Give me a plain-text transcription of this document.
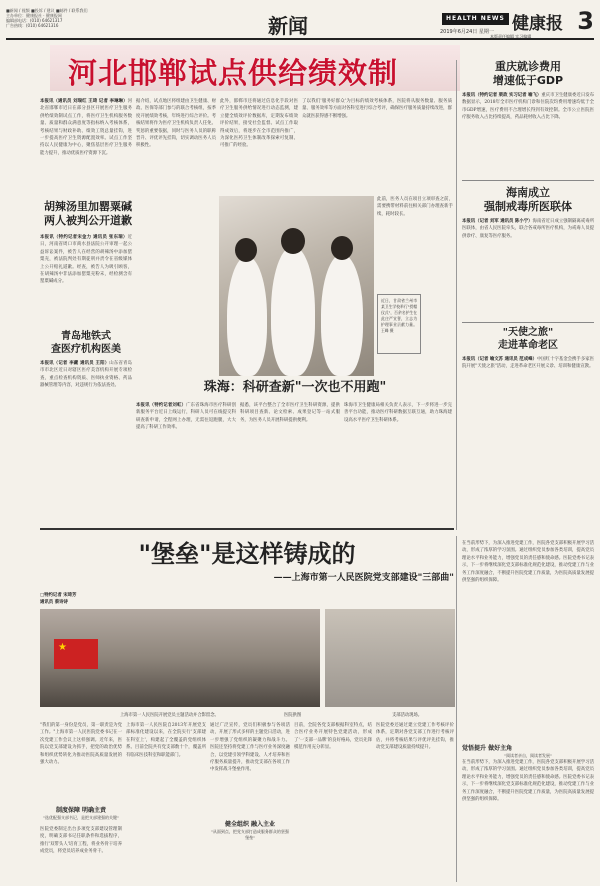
■新闻 / 视频 ■投诉 / 建议 ■邮件 / 联系我们
主办单位：健康报社 · 健康报网
编辑部电话：(010) 64621317
广告热线：(010) 64621316	新闻	HEALTH NEWS 健康报 3
2019年6月24日 星期一
本版责任编辑 实习编辑
河北邯郸试点供给绩效制	重庆就诊费用
增速低于GDP
本报讯（特约记者 栗政 实习记者 喻飞）重庆市卫生健康委近日发布数据显示，2018年全市医疗机构门诊和住院次均费用增速均低于全市GDP增速，医疗费用不合理增长得到有效控制。全市公立医院医疗服务收入占比持续提高，药品耗材收入占比下降。
海南成立
强制戒毒所医联体
本报讯（记者 刘军 通讯员 陈小宁）海南省近日成立强制隔离戒毒所医联体，由省人民医院牵头，联合各戒毒所医疗机构，为戒毒人员提供诊疗、康复等医疗服务。
"天使之旅"
走进革命老区
本报讯（记者 喻文苏 通讯员 范成峰）中国红十字基金会携手多家医院开展"天使之旅"活动，走进革命老区开展义诊、培训和健康宣教。
胡辣汤里加罂粟碱
两人被判公开道歉
本报讯（特约记者宋金力 通讯员 张东瑞）近日，河南省周口市商水县法院公开审理一起公益诉讼案件，被告人在经营的胡辣汤中添加罂粟壳，被法院判处有期徒刑并责令在省级媒体上公开赔礼道歉。经查，被告人为吸引顾客，在胡辣汤中非法添加罂粟壳粉末，经检测含有罂粟碱成分。
青岛地铁式
查医疗机构医美
本报讯（记者 李藏 通讯员 王阳）山东省青岛市市北区近日对辖区医疗美容机构开展专项检查，重点检查机构资质、医师执业资格、药品器械管理等内容，对违规行为依法查处。
本报讯（通讯员 刘瑞红 王琦 记者 李琳琳）河北省邯郸市近日在部分县区开展医疗卫生服务供给绩效制试点工作，将医疗卫生机构服务数量、质量和群众满意度等指标纳入考核体系，考核结果与财政补助、绩效工资总量挂钩，进一步提高医疗卫生资源配置效率。试点工作坚持以人民健康为中心，聚焦基层医疗卫生服务能力提升，推动优质医疗资源下沉。
据介绍，试点地区将组建由卫生健康、财政、医保等部门参与的联合考核组，按季度开展绩效考核，年终进行综合评价。考核结果将作为医疗卫生机构负责人任免、奖惩的重要依据，同时与医务人员的职称晋升、评优评先挂钩，切实调动医务人员积极性。
此外，邯郸市还将通过信息化手段对医疗卫生服务供给情况进行动态监测，建立健全绩效评价数据库，定期发布绩效评价结果，接受社会监督。试点工作取得成效后，将逐步在全市范围内推广，为深化医药卫生体制改革探索可复制、可推广的经验。
了以我们'服务好群众'为目标的绩效考核体系，医院将从服务数量、服务质量、服务效率等方面对各科室进行综合考评，确保医疗服务质量持续改进，群众就医获得感不断增强。
近日，甘肃省兰州市某卫生学校举行"授帽仪式"，百余名护生在此庄严宣誓，立志为护理事业贡献力量。 王峰 摄
此前，医务人员在项目立项审查之前，需要携带材料前往相关部门办理查新手续，耗时较长。
珠海：科研查新"一次也不用跑"
本报讯（特约记者刘虹）广东省珠海市医疗科研创新服务平台近日上线运行，科研人员可在线提交科研查新申请，全程网上办理，无需往返跑腿，大大提高了科研工作效率。
据悉，该平台整合了全市医疗卫生科研资源，提供科研项目查新、论文检索、成果登记等一站式服务，为医务人员开展科研提供便利。
珠海市卫生健康局相关负责人表示，下一步将进一步完善平台功能，推动医疗科研数据互联互通，助力珠海建设高水平医疗卫生科研体系。
"堡垒"是这样铸成的
——上海市第一人民医院党支部建设"三部曲"
★
上海市第一人民医院开展党员主题活动并合影留念。	医院供图	支部活动现场。
□特约记者 宋琦芳
通讯员 蔡诗诗
"我们的第一身份是党员，第一职责是为党工作。"上海市第一人民医院党委书记在一次党建工作会议上这样强调。近年来，医院以党支部建设为抓手，把党的政治优势和组织优势转化为推动医院高质量发展的强大动力。
制度保障 明确主责
"选优配强支部书记，是把支部建强的关键"
医院党委制定出台多项党支部建设管理制度，明确支部书记任职条件和选拔程序，推行'双带头人'培育工程，将业务骨干培养成党员，将党员培养成业务骨干。
上海市第一人民医院自2013年开展党支部标准化建设以来，在全院实行'支部建在科室上'，构建起了全覆盖的党组织体系。目前全院共有党支部数十个，覆盖所有临床医技科室和职能部门。
通过广泛宣传，党员们积极参与各项活动，开展了形式多样的主题党日活动，进一步增强了党组织的凝聚力和战斗力。 医院还坚持将党建工作与医疗业务深度融合，以党建引领学科建设、人才培养和医疗服务质量提升，推动党支部在各项工作中发挥战斗堡垒作用。
健全组织 融入主业
"从面到点，把党支部打造成服务群众的坚强堡垒"
目前，全院各党支部根据科室特点，结合医疗业务开展特色党建活动，形成了'一支部一品牌'的良好格局，党员先锋模范作用充分彰显。
医院党委还通过建立党建工作考核评价体系，定期对各党支部工作进行考核评估，并将考核结果与评优评先挂钩，推动党支部建设质量持续提升。
在当前形势下，为深入推进党建工作，医院各党支部积极开展学习活动，形成了浓厚的学习氛围。通过组织党员参加各类培训，提高党员理论水平和业务能力，增强党员的责任感和使命感。医院党委书记表示，下一步将继续深化党支部标准化规范化建设，推动党建工作与业务工作深度融合，不断提升医院党建工作质量，为医院高质量发展提供坚强的组织保障。
觉悟提升 做好主角
"阅读者亲自，阅读者发展"
在当前形势下，为深入推进党建工作，医院各党支部积极开展学习活动，形成了浓厚的学习氛围。通过组织党员参加各类培训，提高党员理论水平和业务能力，增强党员的责任感和使命感。医院党委书记表示，下一步将继续深化党支部标准化规范化建设，推动党建工作与业务工作深度融合，不断提升医院党建工作质量，为医院高质量发展提供坚强的组织保障。
